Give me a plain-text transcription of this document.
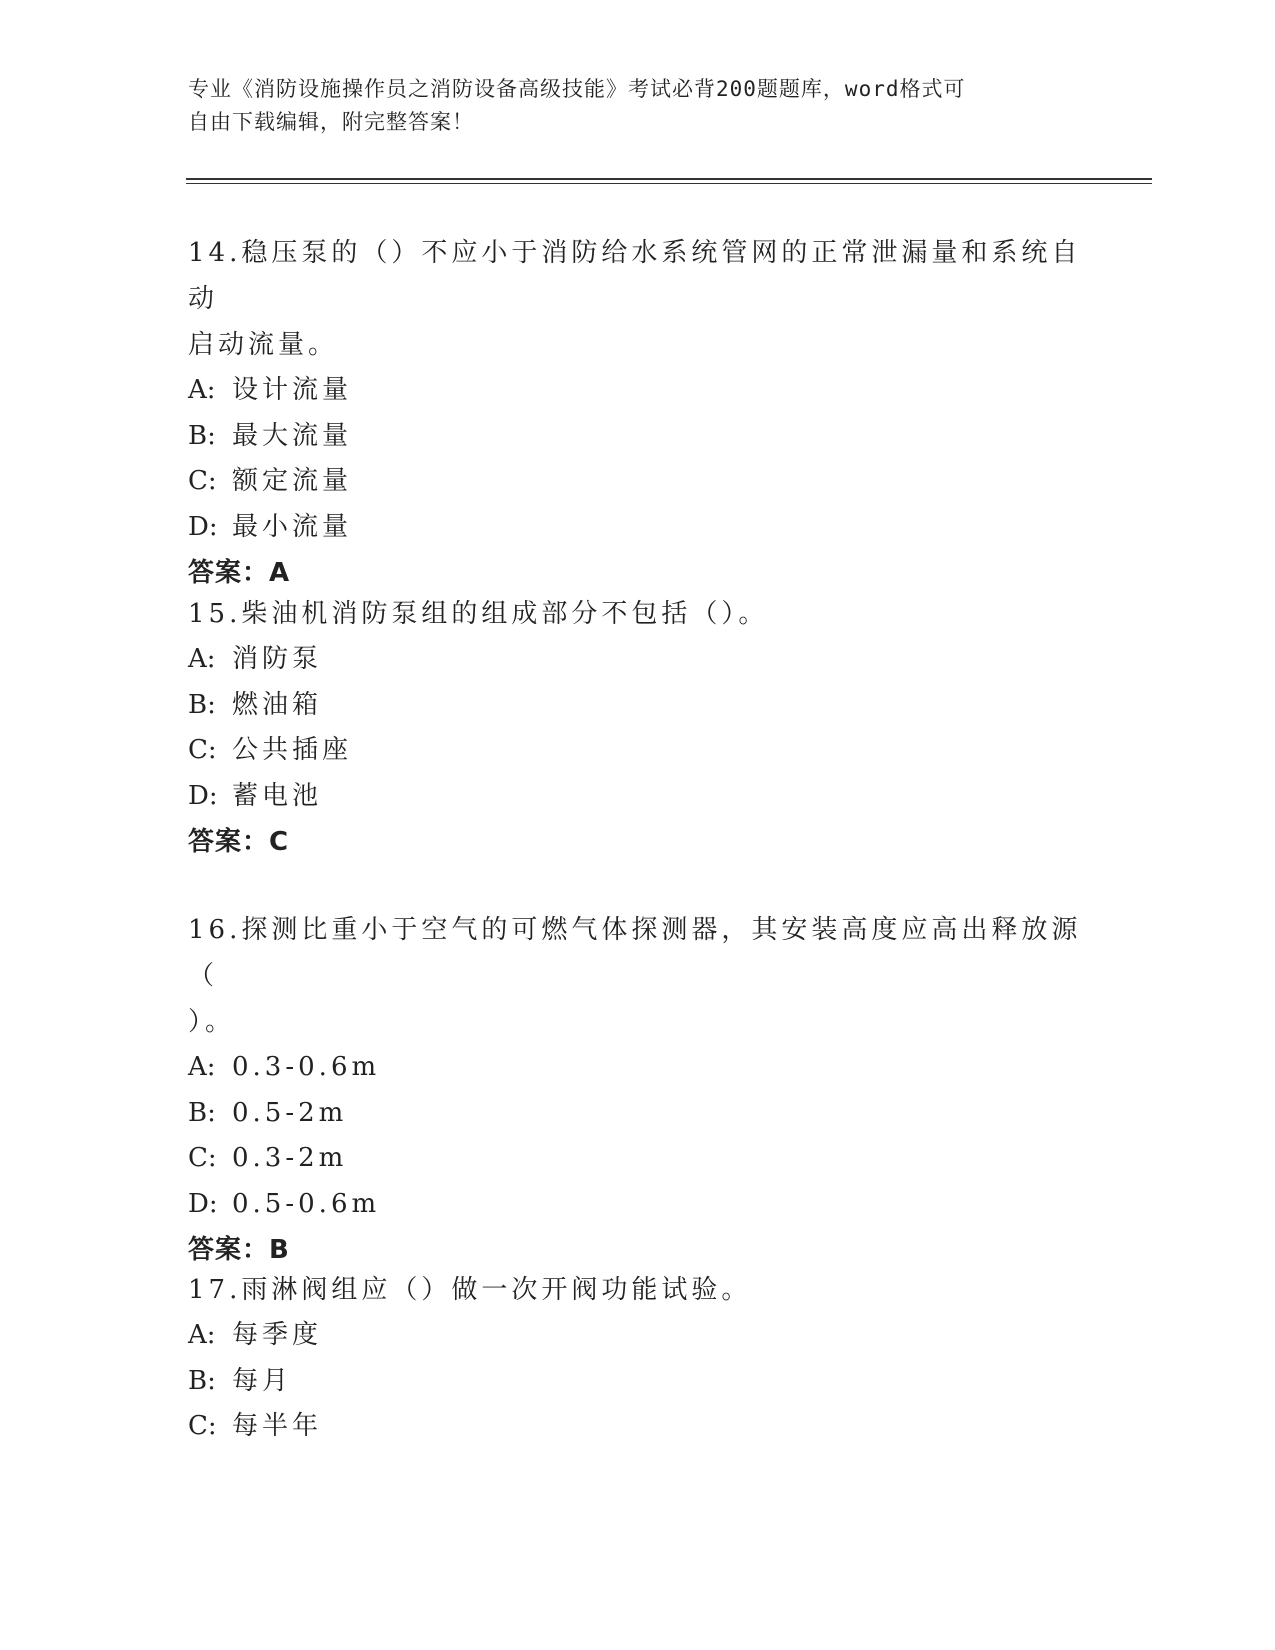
专业《消防设施操作员之消防设备高级技能》考试必背200题题库，word格式可
自由下载编辑，附完整答案！

14.稳压泵的（）不应小于消防给水系统管网的正常泄漏量和系统自动

启动流量。

A: 设计流量

B: 最大流量

C: 额定流量

D: 最小流量

答案：A

15.柴油机消防泵组的组成部分不包括（）。

A: 消防泵

B: 燃油箱

C: 公共插座

D: 蓄电池

答案：C

16.探测比重小于空气的可燃气体探测器，其安装高度应高出释放源（

）。

A: 0.3-0.6m

B: 0.5-2m

C: 0.3-2m

D: 0.5-0.6m

答案：B

17.雨淋阀组应（）做一次开阀功能试验。

A: 每季度

B: 每月

C: 每半年
